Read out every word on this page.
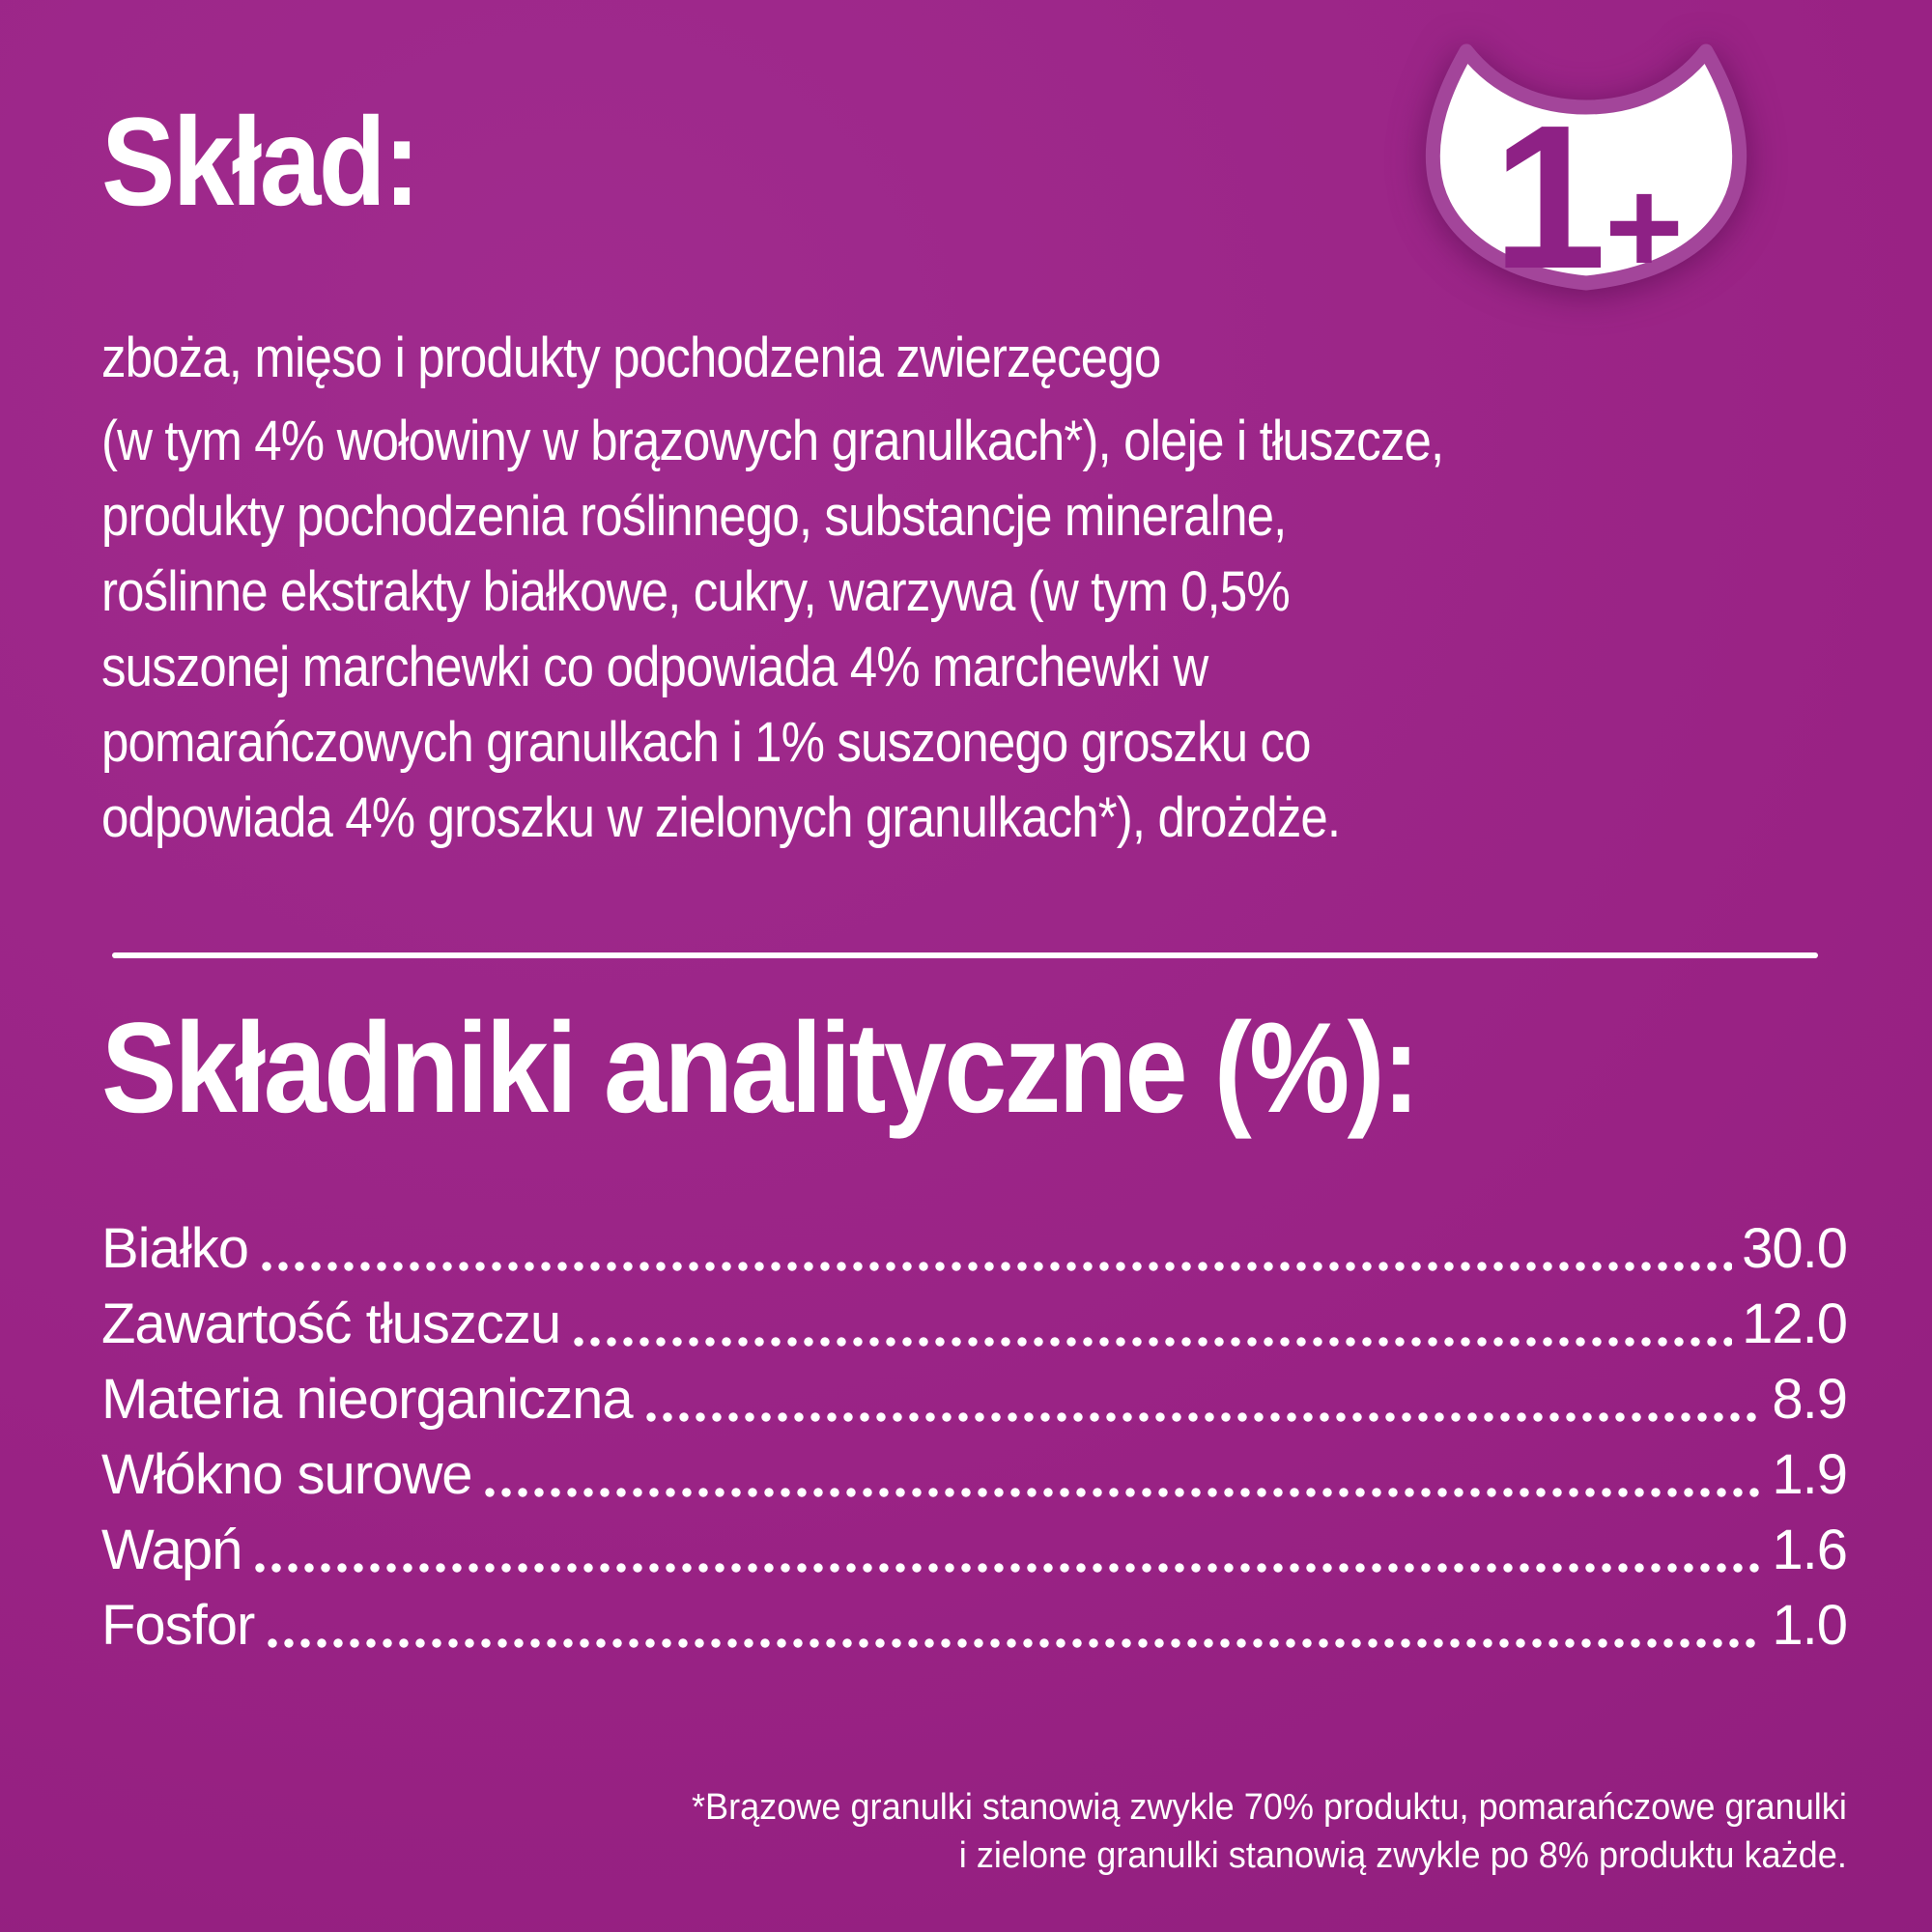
Skład:	1
+
zboża, mięso i produkty pochodzenia zwierzęcego
(w tym 4% wołowiny w brązowych granulkach*), oleje i tłuszcze,
produkty pochodzenia roślinnego, substancje mineralne,
roślinne ekstrakty białkowe, cukry, warzywa (w tym 0,5%
suszonej marchewki co odpowiada 4% marchewki w
pomarańczowych granulkach i 1% suszonego groszku co
odpowiada 4% groszku w zielonych granulkach*), drożdże.
Składniki analityczne (%):
Białko	30.0
Zawartość tłuszczu	12.0
Materia nieorganiczna	8.9
Włókno surowe	1.9
Wapń	1.6
Fosfor	1.0
*Brązowe granulki stanowią zwykle 70% produktu, pomarańczowe granulki
i zielone granulki stanowią zwykle po 8% produktu każde.
